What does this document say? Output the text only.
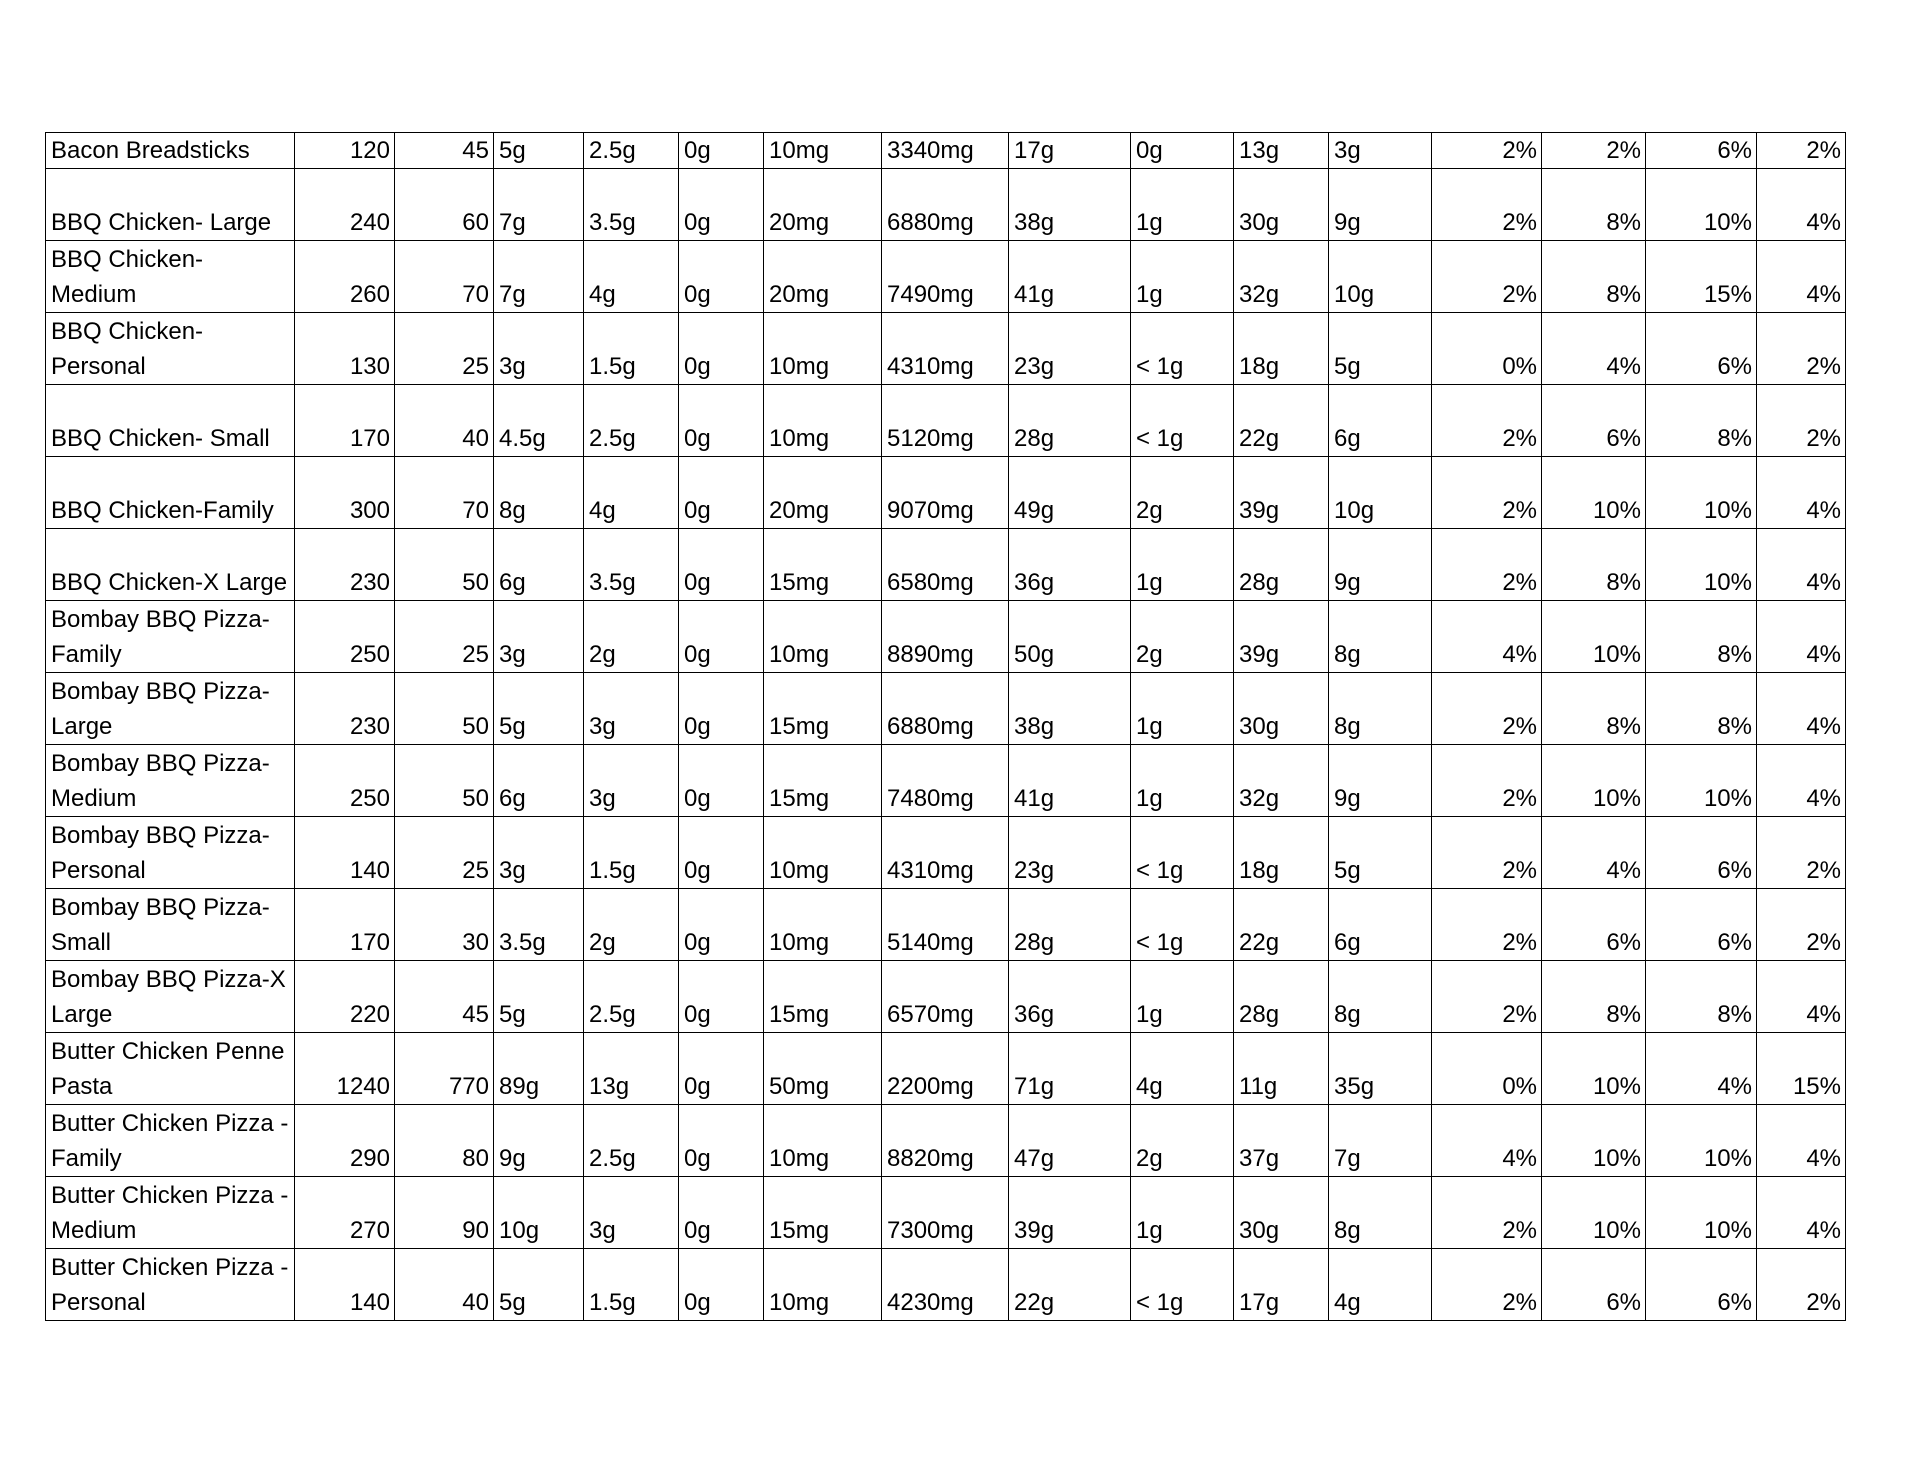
Bacon Breadsticks	120	45	5g	2.5g	0g	10mg	3340mg	17g	0g	13g	3g	2%	2%	6%	2%

BBQ Chicken- Large	240	60	7g	3.5g	0g	20mg	6880mg	38g	1g	30g	9g	2%	8%	10%	4%

BBQ Chicken-
Medium	260	70	7g	4g	0g	20mg	7490mg	41g	1g	32g	10g	2%	8%	15%	4%

BBQ Chicken-
Personal	130	25	3g	1.5g	0g	10mg	4310mg	23g	< 1g	18g	5g	0%	4%	6%	2%

BBQ Chicken- Small	170	40	4.5g	2.5g	0g	10mg	5120mg	28g	< 1g	22g	6g	2%	6%	8%	2%

BBQ Chicken-Family	300	70	8g	4g	0g	20mg	9070mg	49g	2g	39g	10g	2%	10%	10%	4%

BBQ Chicken-X Large	230	50	6g	3.5g	0g	15mg	6580mg	36g	1g	28g	9g	2%	8%	10%	4%

Bombay BBQ Pizza-
Family	250	25	3g	2g	0g	10mg	8890mg	50g	2g	39g	8g	4%	10%	8%	4%

Bombay BBQ Pizza-
Large	230	50	5g	3g	0g	15mg	6880mg	38g	1g	30g	8g	2%	8%	8%	4%

Bombay BBQ Pizza-
Medium	250	50	6g	3g	0g	15mg	7480mg	41g	1g	32g	9g	2%	10%	10%	4%

Bombay BBQ Pizza-
Personal	140	25	3g	1.5g	0g	10mg	4310mg	23g	< 1g	18g	5g	2%	4%	6%	2%

Bombay BBQ Pizza-
Small	170	30	3.5g	2g	0g	10mg	5140mg	28g	< 1g	22g	6g	2%	6%	6%	2%

Bombay BBQ Pizza-X
Large	220	45	5g	2.5g	0g	15mg	6570mg	36g	1g	28g	8g	2%	8%	8%	4%

Butter Chicken Penne
Pasta	1240	770	89g	13g	0g	50mg	2200mg	71g	4g	11g	35g	0%	10%	4%	15%

Butter Chicken Pizza -
Family	290	80	9g	2.5g	0g	10mg	8820mg	47g	2g	37g	7g	4%	10%	10%	4%

Butter Chicken Pizza -
Medium	270	90	10g	3g	0g	15mg	7300mg	39g	1g	30g	8g	2%	10%	10%	4%

Butter Chicken Pizza -
Personal	140	40	5g	1.5g	0g	10mg	4230mg	22g	< 1g	17g	4g	2%	6%	6%	2%
